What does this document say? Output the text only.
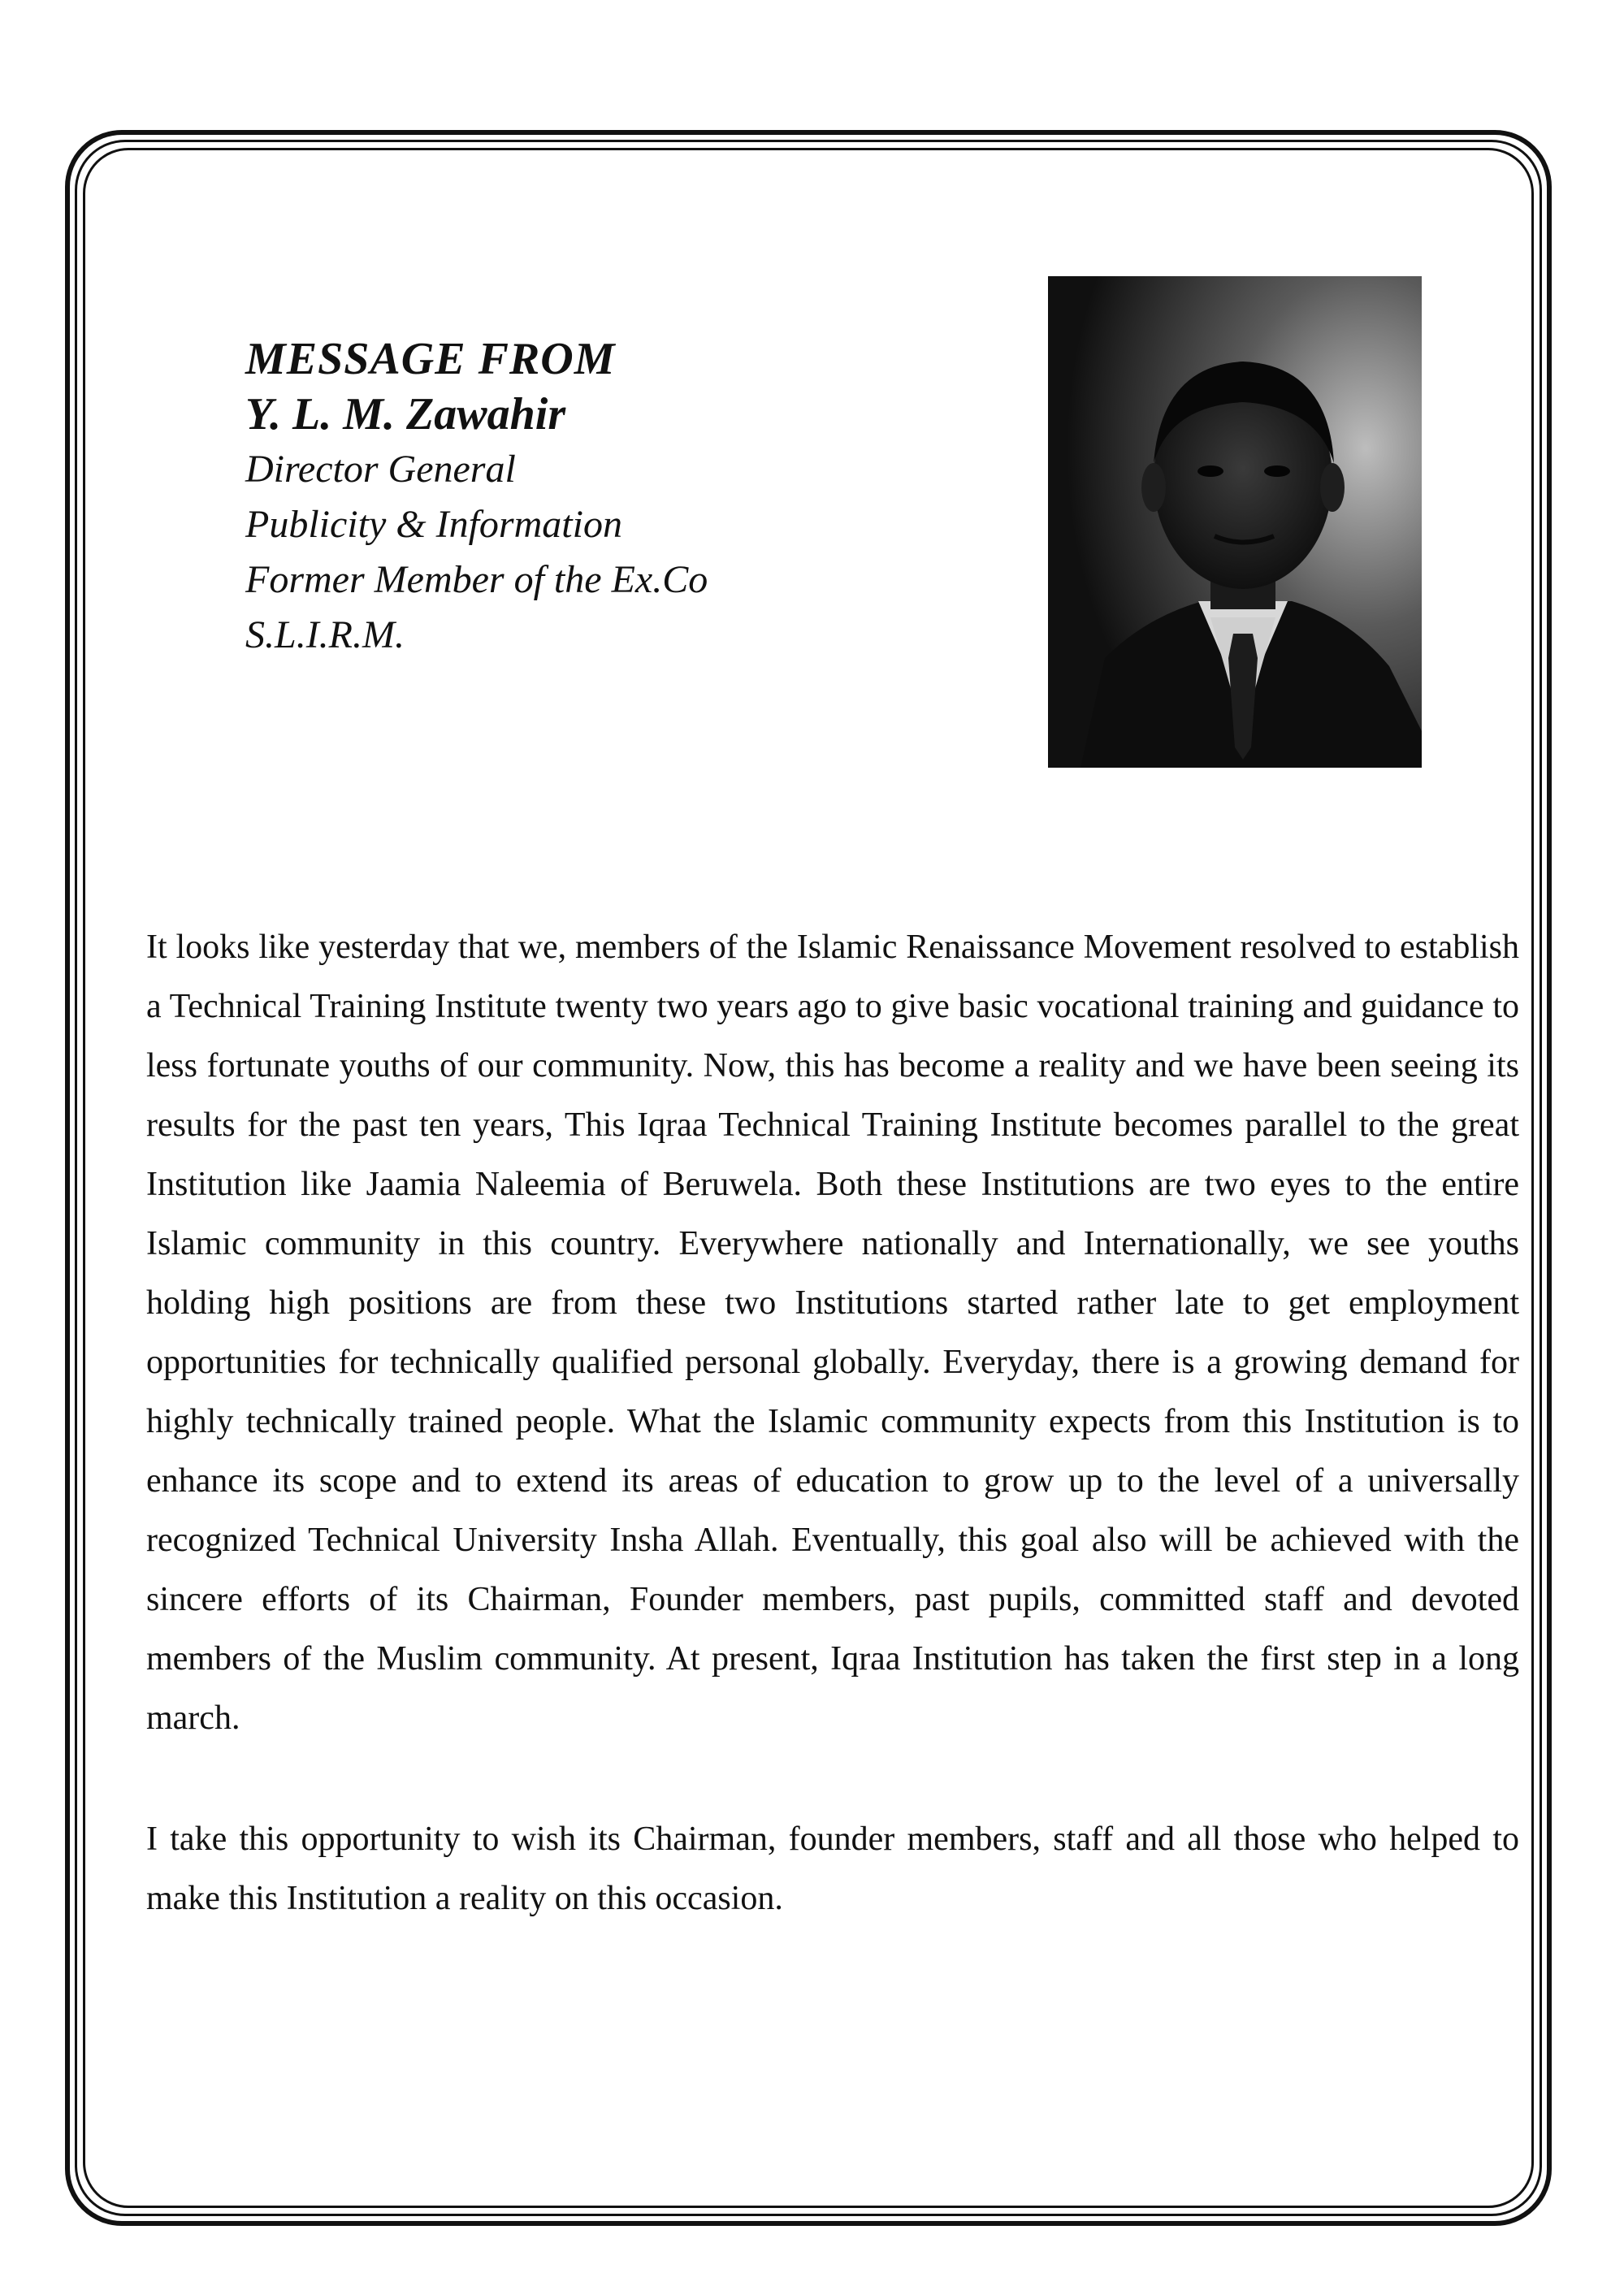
MESSAGE FROM
Y. L. M. Zawahir
Director General
Publicity & Information
Former Member of the Ex.Co
S.L.I.R.M.

It looks like yesterday that we, members of the Islamic Renaissance Movement resolved to establish a Technical Training Institute twenty two years ago to give basic vocational training and guidance to less fortunate youths of our community. Now, this has become a reality and we have been seeing its results for the past ten years, This Iqraa Technical Training Institute becomes parallel to the great Institution like Jaamia Naleemia of Beruwela. Both these Institutions are two eyes to the entire Islamic community in this country. Everywhere nationally and Internationally, we see youths holding high positions are from these two Institutions started rather late to get employment opportunities for technically qualified personal globally. Everyday, there is a growing demand for highly technically trained people. What the Islamic community expects from this Institution is to enhance its scope and to extend its areas of education to grow up to the level of a universally recognized Technical University Insha Allah. Eventually, this goal also will be achieved with the sincere efforts of its Chairman, Founder members, past pupils, committed staff and devoted members of the Muslim community. At present, Iqraa Institution has taken the first step in a long march.

I take this opportunity to wish its Chairman, founder members, staff and all those who helped to make this Institution a reality on this occasion.
